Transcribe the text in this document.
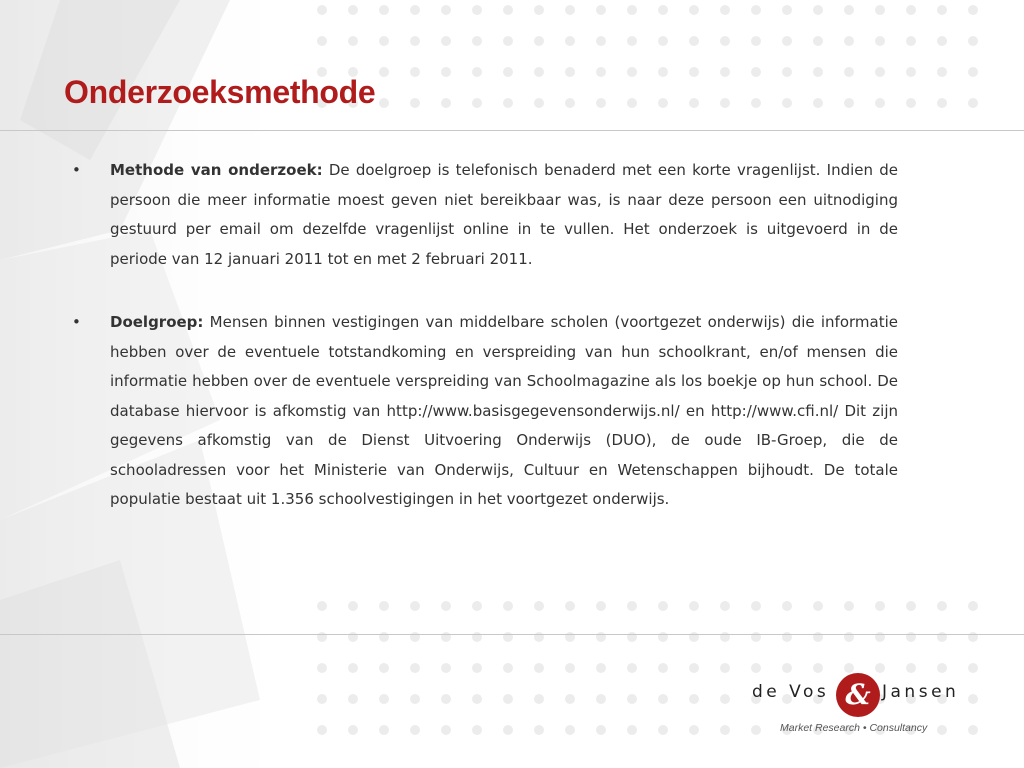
Onderzoeksmethode
• Methode van onderzoek: De doelgroep is telefonisch benaderd met een korte vragenlijst. Indien de persoon die meer informatie moest geven niet bereikbaar was, is naar deze persoon een uitnodiging gestuurd per email om dezelfde vragenlijst online in te vullen. Het onderzoek is uitgevoerd in de periode van 12 januari 2011 tot en met 2 februari 2011.

• Doelgroep: Mensen binnen vestigingen van middelbare scholen (voortgezet onderwijs) die informatie hebben over de eventuele totstandkoming en verspreiding van hun schoolkrant, en/of mensen die informatie hebben over de eventuele verspreiding van Schoolmagazine als los boekje op hun school. De database hiervoor is afkomstig van http://www.basisgegevensonderwijs.nl/ en http://www.cfi.nl/ Dit zijn gegevens afkomstig van de Dienst Uitvoering Onderwijs (DUO), de oude IB-Groep, die de schooladressen voor het Ministerie van Onderwijs, Cultuur en Wetenschappen bijhoudt. De totale populatie bestaat uit 1.356 schoolvestigingen in het voortgezet onderwijs.

de Vos & Jansen
Market Research • Consultancy
